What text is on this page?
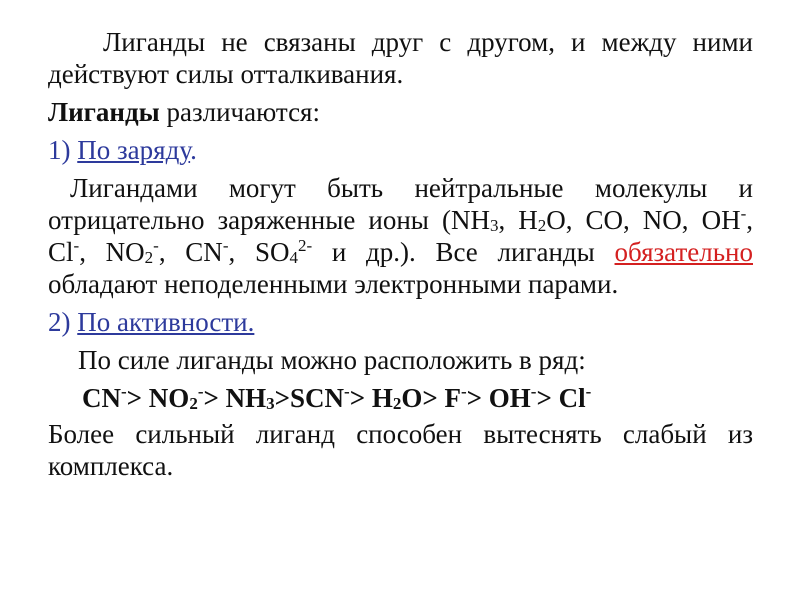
Лиганды не связаны друг с другом, и между ними действуют силы отталкивания.

Лиганды различаются:

1) По заряду.

Лигандами могут быть нейтральные молекулы и отрицательно заряженные ионы ($NH_3$, $H_2O$, CO, NO, OH-, Cl-, $NO_2^-$, CN-, $SO_4^{2-}$ и др.). Все лиганды обязательно обладают неподеленными электронными парами.

2) По активности.

По силе лиганды можно расположить в ряд:

$CN^-> NO_2^-> NH_3>SCN^-> H_2O> F^-> OH^-> Cl^-$

Более сильный лиганд способен вытеснять слабый из комплекса.
